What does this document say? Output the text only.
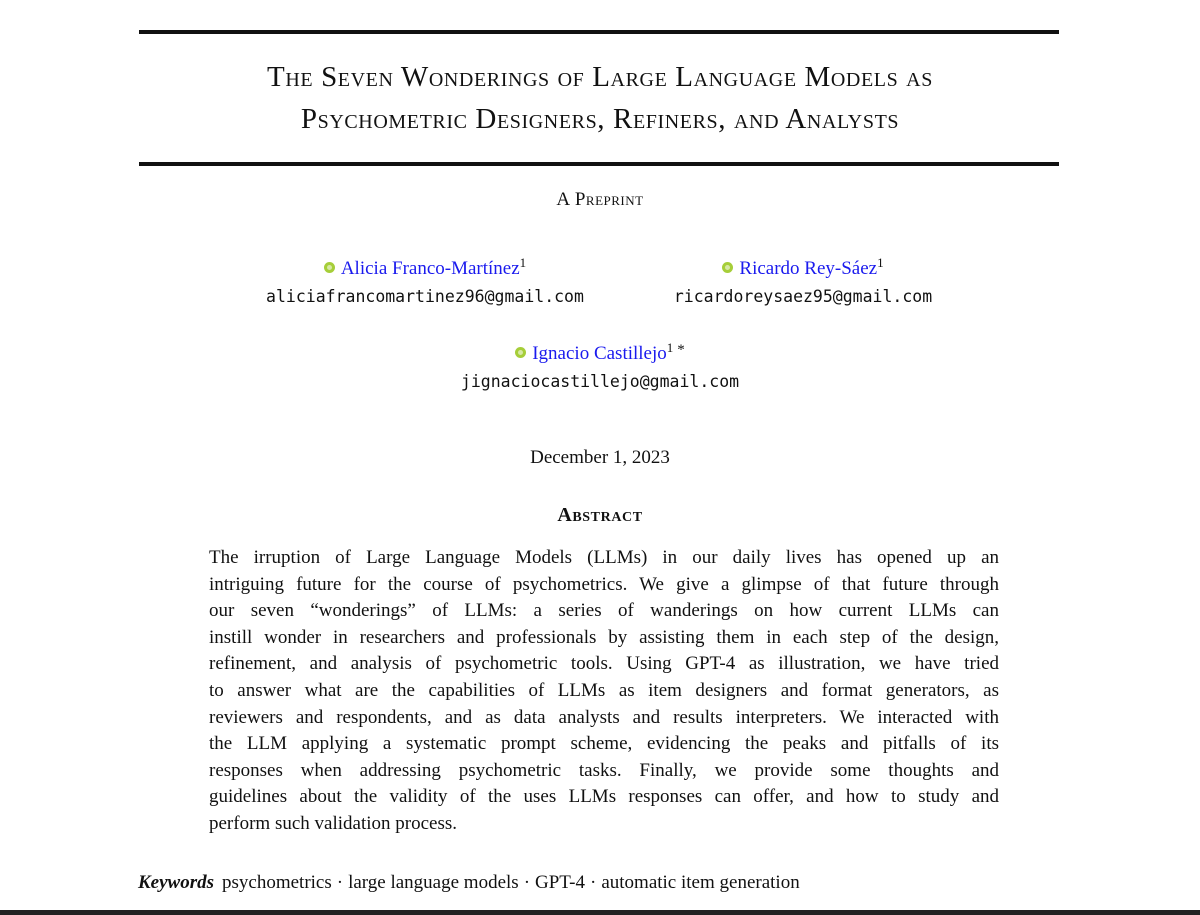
The Seven Wonderings of Large Language Models as
Psychometric Designers, Refiners, and Analysts
A Preprint
Alicia Franco-Martínez$^1$
aliciafrancomartinez96@gmail.com
Ricardo Rey-Sáez$^1$
ricardoreysaez95@gmail.com
Ignacio Castillejo$^1$ *
jignaciocastillejo@gmail.com
December 1, 2023
Abstract
The irruption of Large Language Models (LLMs) in our daily lives has opened up an
intriguing future for the course of psychometrics. We give a glimpse of that future through
our seven “wonderings” of LLMs: a series of wanderings on how current LLMs can
instill wonder in researchers and professionals by assisting them in each step of the design,
refinement, and analysis of psychometric tools. Using GPT-4 as illustration, we have tried
to answer what are the capabilities of LLMs as item designers and format generators, as
reviewers and respondents, and as data analysts and results interpreters. We interacted with
the LLM applying a systematic prompt scheme, evidencing the peaks and pitfalls of its
responses when addressing psychometric tasks. Finally, we provide some thoughts and
guidelines about the validity of the uses LLMs responses can offer, and how to study and
perform such validation process.
Keywords psychometrics · large language models · GPT-4 · automatic item generation
